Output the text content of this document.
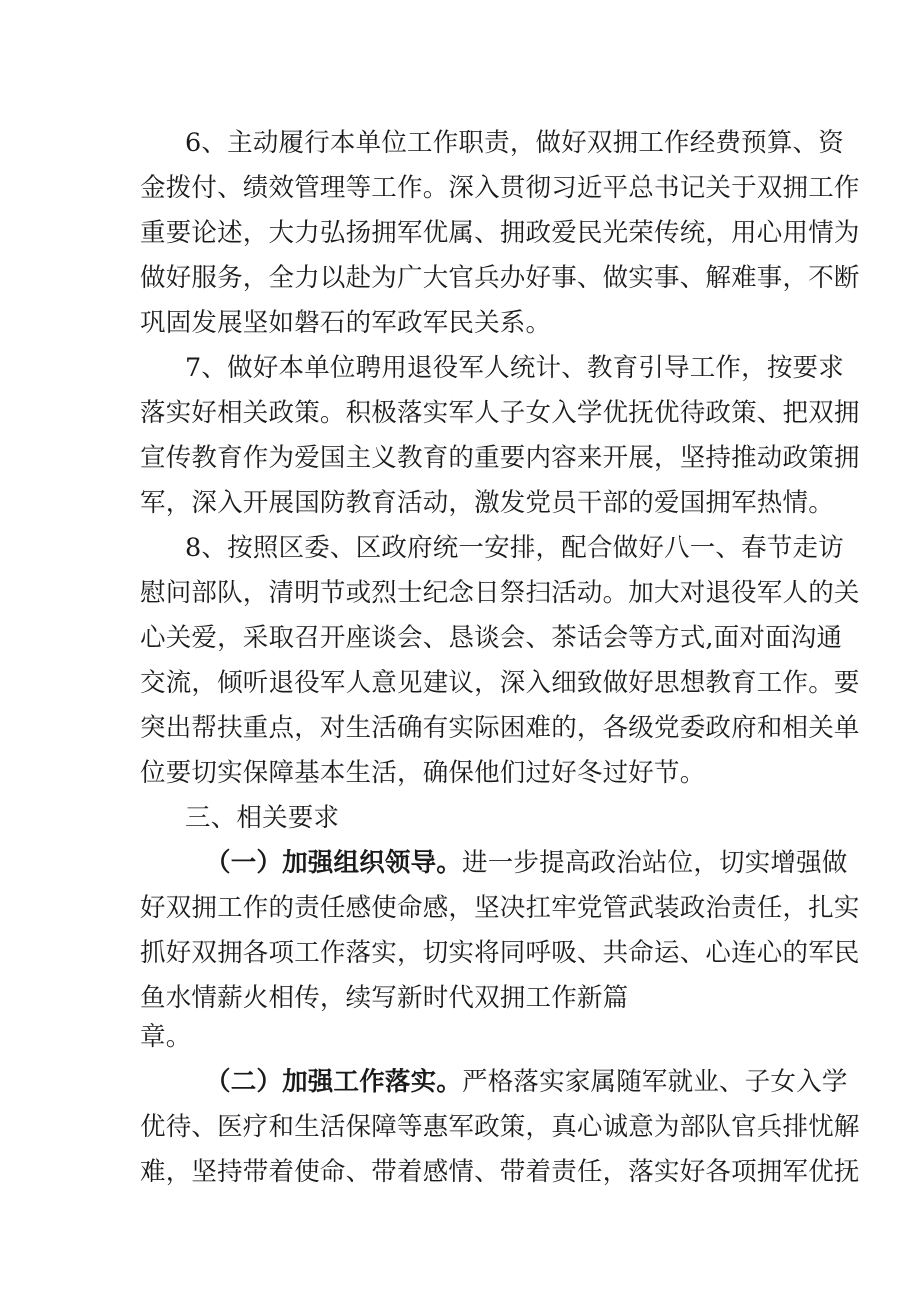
6、主动履行本单位工作职责，做好双拥工作经费预算、资
金拨付、绩效管理等工作。深入贯彻习近平总书记关于双拥工作
重要论述，大力弘扬拥军优属、拥政爱民光荣传统，用心用情为
做好服务，全力以赴为广大官兵办好事、做实事、解难事，不断
巩固发展坚如磐石的军政军民关系。
7、做好本单位聘用退役军人统计、教育引导工作，按要求
落实好相关政策。积极落实军人子女入学优抚优待政策、把双拥
宣传教育作为爱国主义教育的重要内容来开展，坚持推动政策拥
军，深入开展国防教育活动，激发党员干部的爱国拥军热情。
8、按照区委、区政府统一安排，配合做好八一、春节走访
慰问部队，清明节或烈士纪念日祭扫活动。加大对退役军人的关
心关爱，采取召开座谈会、恳谈会、茶话会等方式,面对面沟通
交流，倾听退役军人意见建议，深入细致做好思想教育工作。要
突出帮扶重点，对生活确有实际困难的，各级党委政府和相关单
位要切实保障基本生活，确保他们过好冬过好节。
三、相关要求
（一）加强组织领导。进一步提高政治站位，切实增强做
好双拥工作的责任感使命感，坚决扛牢党管武装政治责任，扎实
抓好双拥各项工作落实，切实将同呼吸、共命运、心连心的军民
鱼水情薪火相传，续写新时代双拥工作新篇
章。
（二）加强工作落实。严格落实家属随军就业、子女入学
优待、医疗和生活保障等惠军政策，真心诚意为部队官兵排忧解
难，坚持带着使命、带着感情、带着责任，落实好各项拥军优抚
